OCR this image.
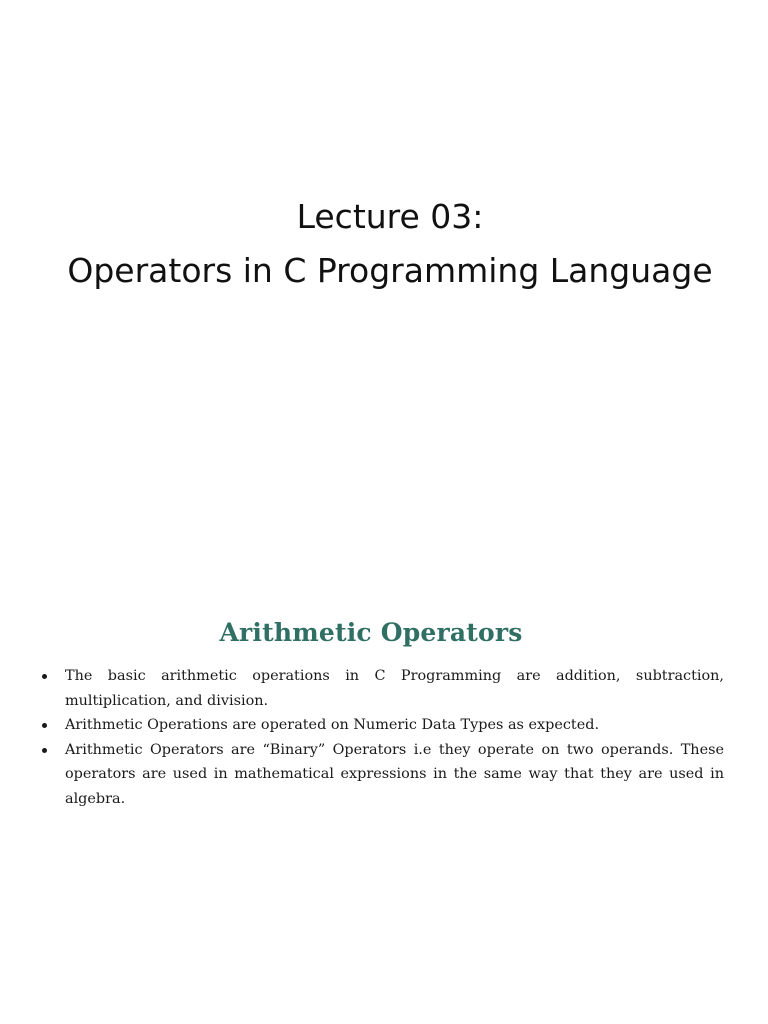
Lecture 03:
Operators in C Programming Language
Arithmetic Operators
The basic arithmetic operations in C Programming are addition, subtraction, multiplication, and division.
Arithmetic Operations are operated on Numeric Data Types as expected.
Arithmetic Operators are “Binary” Operators i.e they operate on two operands. These operators are used in mathematical expressions in the same way that they are used in algebra.
